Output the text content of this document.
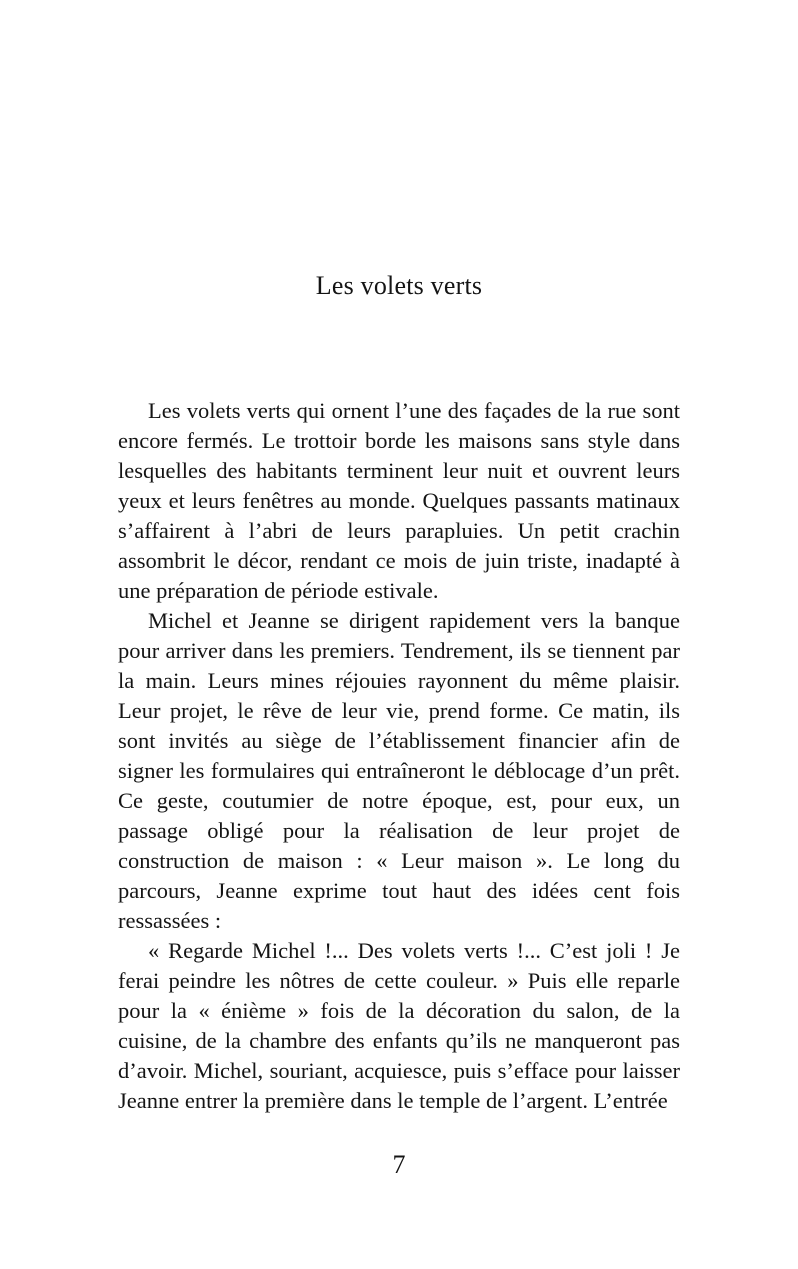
Les volets verts

Les volets verts qui ornent l’une des façades de la rue sont encore fermés. Le trottoir borde les maisons sans style dans lesquelles des habitants terminent leur nuit et ouvrent leurs yeux et leurs fenêtres au monde. Quelques passants matinaux s’affairent à l’abri de leurs parapluies. Un petit crachin assombrit le décor, rendant ce mois de juin triste, inadapté à une préparation de période estivale.

Michel et Jeanne se dirigent rapidement vers la banque pour arriver dans les premiers. Tendrement, ils se tiennent par la main. Leurs mines réjouies rayonnent du même plaisir. Leur projet, le rêve de leur vie, prend forme. Ce matin, ils sont invités au siège de l’établissement financier afin de signer les formulaires qui entraîneront le déblocage d’un prêt. Ce geste, coutumier de notre époque, est, pour eux, un passage obligé pour la réalisation de leur projet de construction de maison : « Leur maison ». Le long du parcours, Jeanne exprime tout haut des idées cent fois ressassées :

« Regarde Michel !... Des volets verts !... C’est joli ! Je ferai peindre les nôtres de cette couleur. » Puis elle reparle pour la « énième » fois de la décoration du salon, de la cuisine, de la chambre des enfants qu’ils ne manqueront pas d’avoir. Michel, souriant, acquiesce, puis s’efface pour laisser Jeanne entrer la première dans le temple de l’argent. L’entrée

7
